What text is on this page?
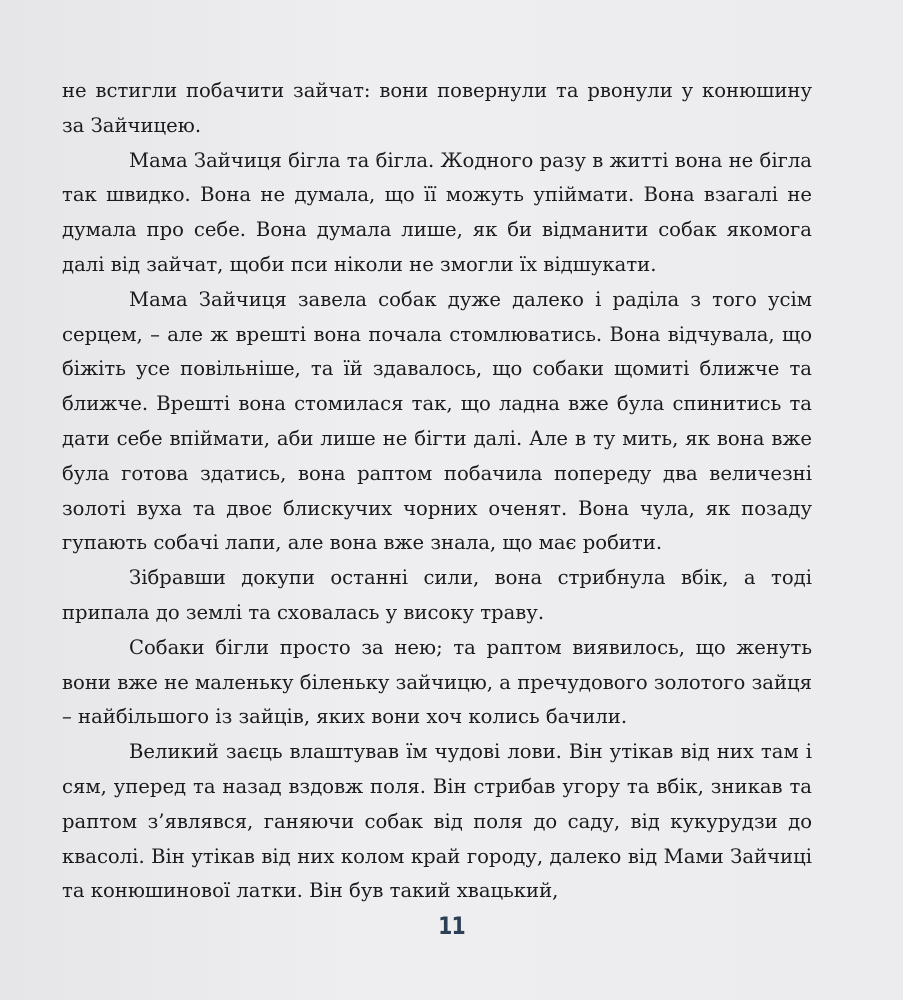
не встигли побачити зайчат: вони повернули та рвонули у конюшину за Зайчицею.

Мама Зайчиця бігла та бігла. Жодного разу в житті вона не бігла так швидко. Вона не думала, що її можуть упіймати. Вона взагалі не думала про себе. Вона думала лише, як би відманити собак якомога далі від зайчат, щоби пси ніколи не змогли їх відшукати.

Мама Зайчиця завела собак дуже далеко і раділа з того усім серцем, – але ж врешті вона почала стомлюватись. Вона відчувала, що біжіть усе повільніше, та їй здавалось, що собаки щомиті ближче та ближче. Врешті вона стомилася так, що ладна вже була спинитись та дати себе впіймати, аби лише не бігти далі. Але в ту мить, як вона вже була готова здатись, вона раптом побачила попереду два величезні золоті вуха та двоє блискучих чорних оченят. Вона чула, як позаду гупають собачі лапи, але вона вже знала, що має робити.

Зібравши докупи останні сили, вона стрибнула вбік, а тоді припала до землі та сховалась у високу траву.

Собаки бігли просто за нею; та раптом виявилось, що женуть вони вже не маленьку біленьку зайчицю, а пречудового золотого зайця – найбільшого із зайців, яких вони хоч колись бачили.

Великий заєць влаштував їм чудові лови. Він утікав від них там і сям, уперед та назад вздовж поля. Він стрибав угору та вбік, зникав та раптом з’являвся, ганяючи собак від поля до саду, від кукурудзи до квасолі. Він утікав від них колом край городу, далеко від Мами Зайчиці та конюшинової латки. Він був такий хвацький,

11
